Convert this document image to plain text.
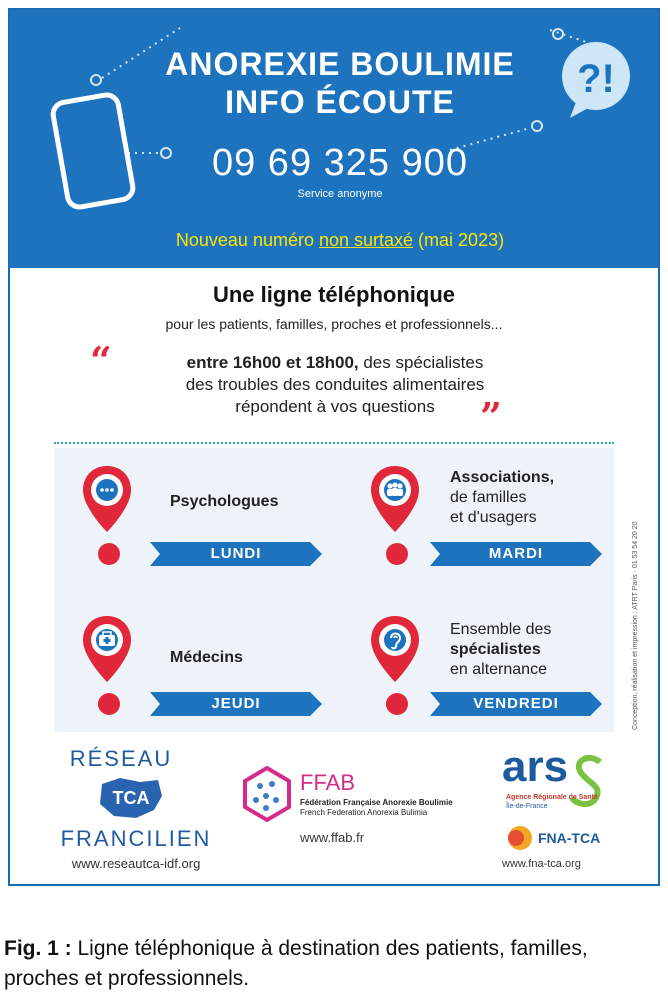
?!
ANOREXIE BOULIMIE
INFO ÉCOUTE
09 69 325 900
Service anonyme
Nouveau numéro non surtaxé (mai 2023)
Une ligne téléphonique
pour les patients, familles, proches et professionnels...
“	entre 16h00 et 18h00, des spécialistes
des troubles des conduites alimentaires
répondent à vos questions	”
Psychologues
LUNDI
Associations,
de familles
et d'usagers
MARDI
Médecins
JEUDI
Ensemble des
spécialistes
en alternance
VENDREDI	Conception, réalisation et impression : ATRT Paris · 01 53 54 20 20
RÉSEAU
TCA
FRANCILIEN
www.reseautca-idf.org
FFAB
Fédération Française Anorexie Boulimie
French Federation Anorexia Bulimia
www.ffab.fr
ars
Agence Régionale de Santé
Île-de-France
FNA-TCA
www.fna-tca.org
Fig. 1 : Ligne téléphonique à destination des patients, familles, proches et professionnels.
